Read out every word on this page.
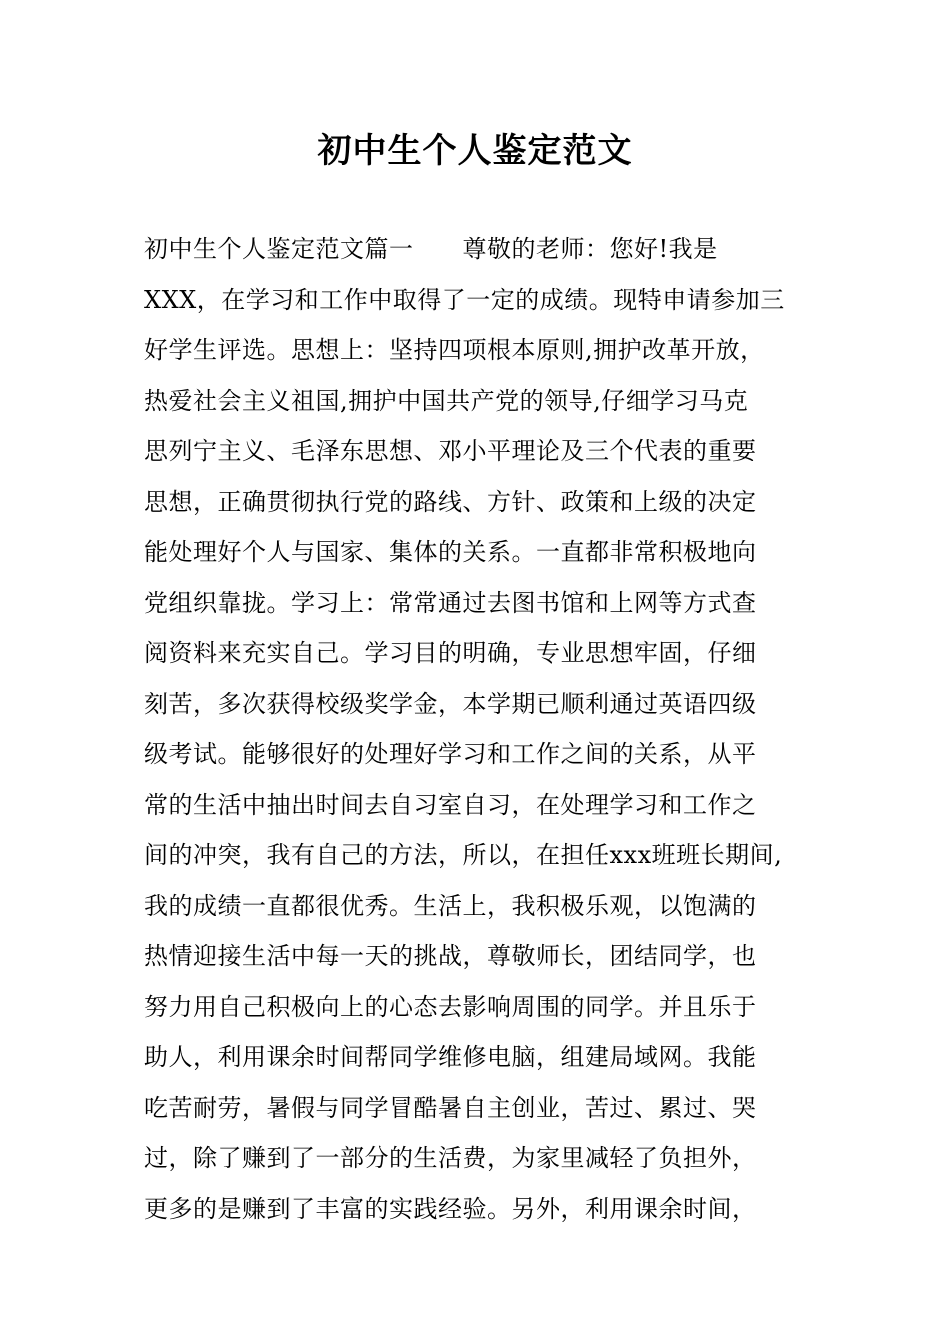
初中生个人鉴定范文
初中生个人鉴定范文篇一　　尊敬的老师：您好!我是
XXX，在学习和工作中取得了一定的成绩。现特申请参加三
好学生评选。思想上：坚持四项根本原则,拥护改革开放，
热爱社会主义祖国,拥护中国共产党的领导,仔细学习马克
思列宁主义、毛泽东思想、邓小平理论及三个代表的重要
思想，正确贯彻执行党的路线、方针、政策和上级的决定
能处理好个人与国家、集体的关系。一直都非常积极地向
党组织靠拢。学习上：常常通过去图书馆和上网等方式查
阅资料来充实自己。学习目的明确，专业思想牢固，仔细
刻苦，多次获得校级奖学金，本学期已顺利通过英语四级
级考试。能够很好的处理好学习和工作之间的关系，从平
常的生活中抽出时间去自习室自习，在处理学习和工作之
间的冲突，我有自己的方法，所以，在担任xxx班班长期间,
我的成绩一直都很优秀。生活上，我积极乐观，以饱满的
热情迎接生活中每一天的挑战，尊敬师长，团结同学，也
努力用自己积极向上的心态去影响周围的同学。并且乐于
助人，利用课余时间帮同学维修电脑，组建局域网。我能
吃苦耐劳，暑假与同学冒酷暑自主创业，苦过、累过、哭
过，除了赚到了一部分的生活费，为家里减轻了负担外，
更多的是赚到了丰富的实践经验。另外，利用课余时间，
